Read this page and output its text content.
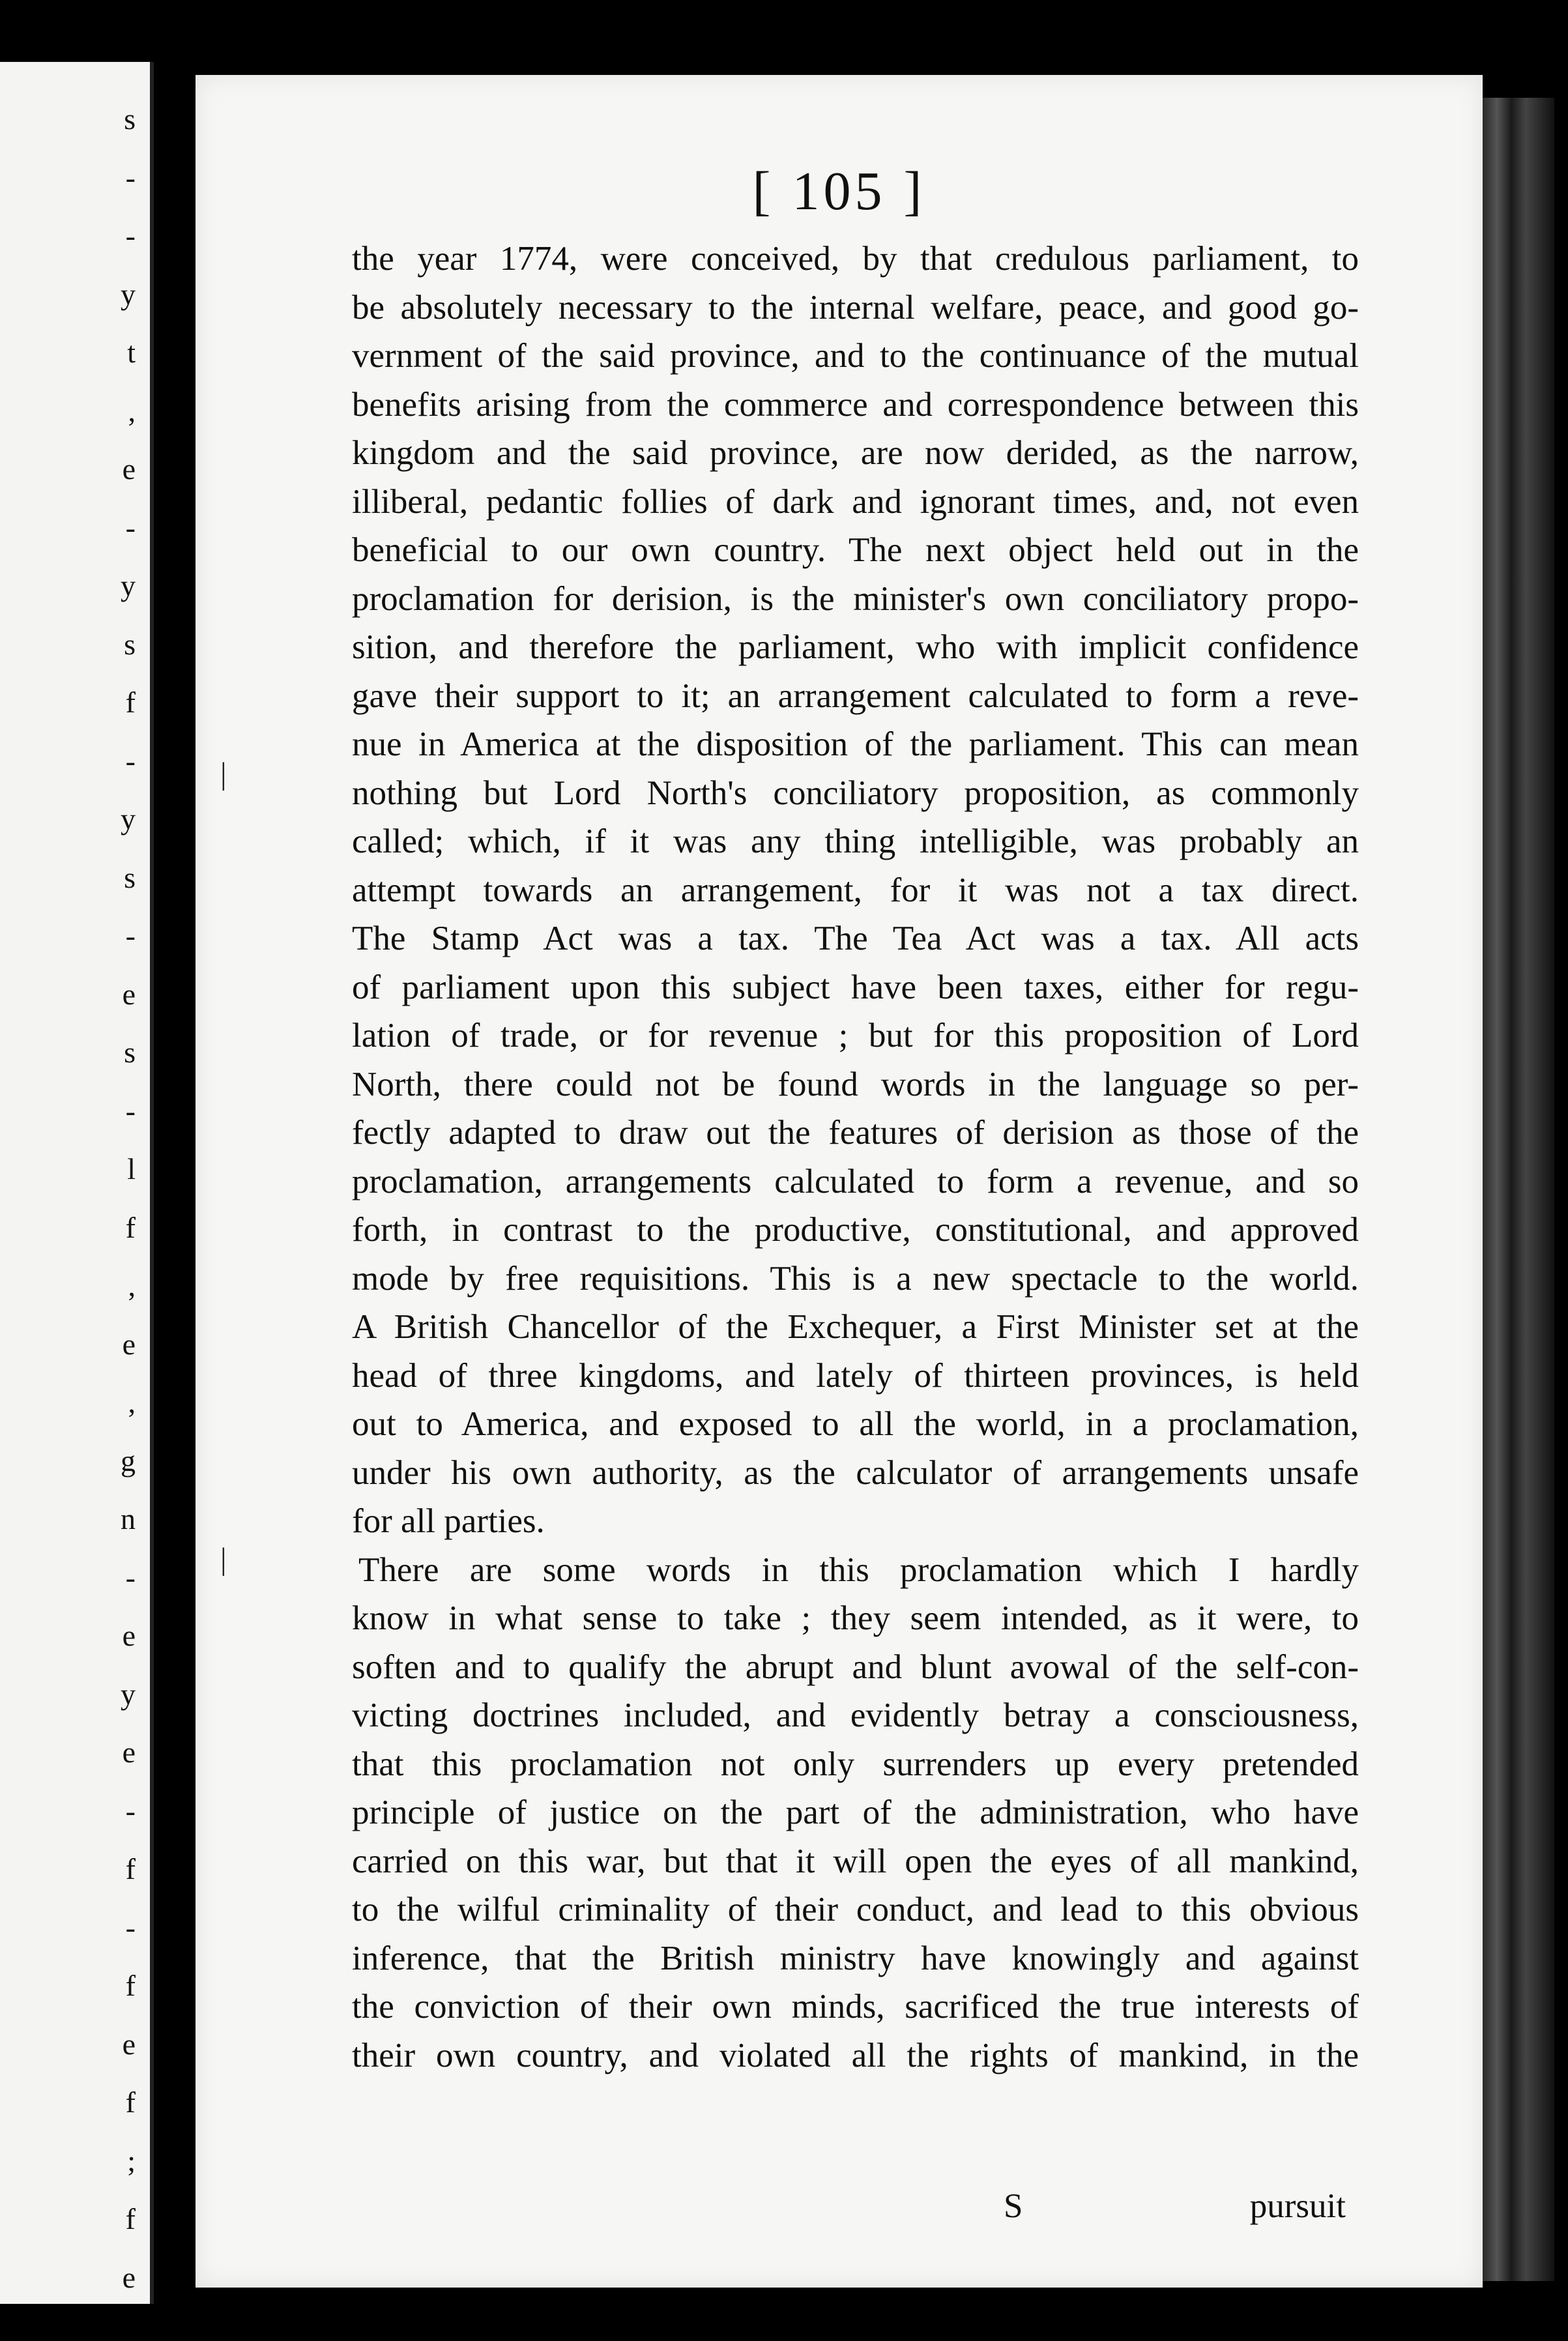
s
-
-
y
t
,
e
-
y
s
f
-
y
s
-
e
s
-
l
f
,
e
,
g
n
-
e
y
e
-
f
-
f
e
f
;
f
e
[ 105 ]
the year 1774, were conceived, by that credulous parliament, to
be absolutely necessary to the internal welfare, peace, and good go-
vernment of the said province, and to the continuance of the mutual
benefits arising from the commerce and correspondence between this
kingdom and the said province, are now derided, as the narrow,
illiberal, pedantic follies of dark and ignorant times, and, not even
beneficial to our own country. The next object held out in the
proclamation for derision, is the minister's own conciliatory propo-
sition, and therefore the parliament, who with implicit confidence
gave their support to it; an arrangement calculated to form a reve-
nue in America at the disposition of the parliament. This can mean
nothing but Lord North's conciliatory proposition, as commonly
called; which, if it was any thing intelligible, was probably an
attempt towards an arrangement, for it was not a tax direct.
The Stamp Act was a tax. The Tea Act was a tax. All acts
of parliament upon this subject have been taxes, either for regu-
lation of trade, or for revenue ; but for this proposition of Lord
North, there could not be found words in the language so per-
fectly adapted to draw out the features of derision as those of the
proclamation, arrangements calculated to form a revenue, and so
forth, in contrast to the productive, constitutional, and approved
mode by free requisitions. This is a new spectacle to the world.
A British Chancellor of the Exchequer, a First Minister set at the
head of three kingdoms, and lately of thirteen provinces, is held
out to America, and exposed to all the world, in a proclamation,
under his own authority, as the calculator of arrangements unsafe
for all parties.
There are some words in this proclamation which I hardly
know in what sense to take ; they seem intended, as it were, to
soften and to qualify the abrupt and blunt avowal of the self-con-
victing doctrines included, and evidently betray a consciousness,
that this proclamation not only surrenders up every pretended
principle of justice on the part of the administration, who have
carried on this war, but that it will open the eyes of all mankind,
to the wilful criminality of their conduct, and lead to this obvious
inference, that the British ministry have knowingly and against
the conviction of their own minds, sacrificed the true interests of
their own country, and violated all the rights of mankind, in the
S	pursuit
|
|
